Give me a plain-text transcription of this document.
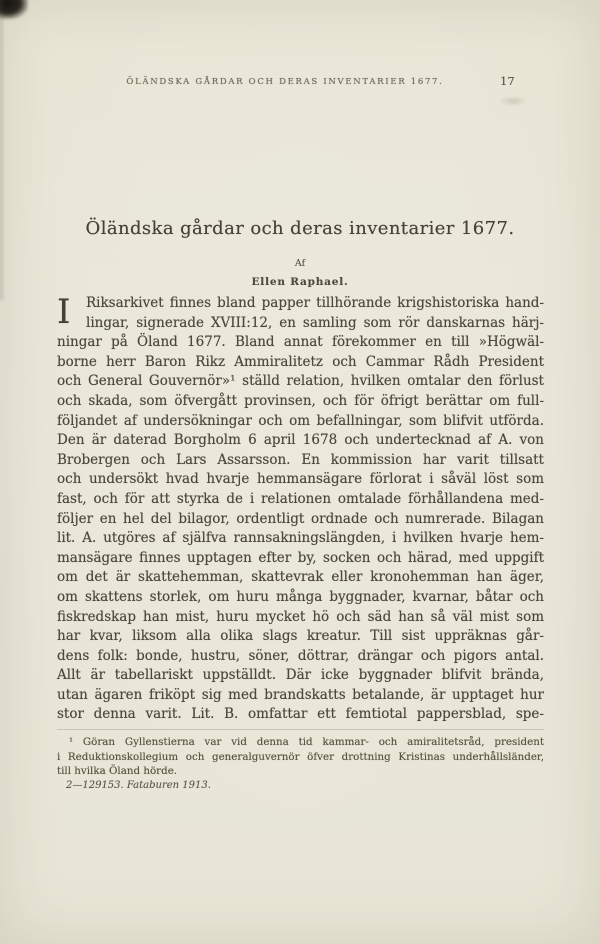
ÖLÄNDSKA GÅRDAR OCH DERAS INVENTARIER 1677.	17
Öländska gårdar och deras inventarier 1677.
Af
Ellen Raphael.
I	Riksarkivet finnes bland papper tillhörande krigshistoriska hand-
lingar, signerade XVIII:12, en samling som rör danskarnas härj-
ningar på Öland 1677. Bland annat förekommer en till »Högwäl-
borne herr Baron Rikz Ammiralitetz och Cammar Rådh President
och General Gouvernör»¹ ställd relation, hvilken omtalar den förlust
och skada, som öfvergått provinsen, och för öfrigt berättar om full-
följandet af undersökningar och om befallningar, som blifvit utförda.
Den är daterad Borgholm 6 april 1678 och undertecknad af A. von
Brobergen och Lars Assarsson. En kommission har varit tillsatt
och undersökt hvad hvarje hemmansägare förlorat i såväl löst som
fast, och för att styrka de i relationen omtalade förhållandena med-
följer en hel del bilagor, ordentligt ordnade och numrerade. Bilagan
lit. A. utgöres af själfva rannsakningslängden, i hvilken hvarje hem-
mansägare finnes upptagen efter by, socken och härad, med uppgift
om det är skattehemman, skattevrak eller kronohemman han äger,
om skattens storlek, om huru många byggnader, kvarnar, båtar och
fiskredskap han mist, huru mycket hö och säd han så väl mist som
har kvar, liksom alla olika slags kreatur. Till sist uppräknas går-
dens folk: bonde, hustru, söner, döttrar, drängar och pigors antal.
Allt är tabellariskt uppställdt. Där icke byggnader blifvit brända,
utan ägaren friköpt sig med brandskatts betalande, är upptaget hur
stor denna varit. Lit. B. omfattar ett femtiotal pappersblad, spe-
¹ Göran Gyllenstierna var vid denna tid kammar- och amiralitetsråd, president
i Reduktionskollegium och generalguvernör öfver drottning Kristinas underhållsländer,
till hvilka Öland hörde.
2—129153. Fataburen 1913.
